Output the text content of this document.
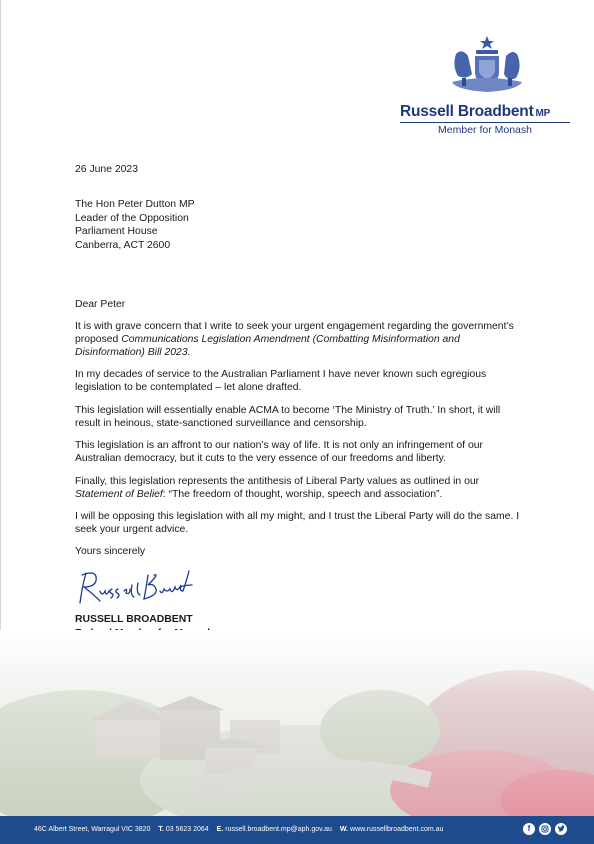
Russell Broadbent MP
Member for Monash
26 June 2023
The Hon Peter Dutton MP
Leader of the Opposition
Parliament House
Canberra, ACT 2600
Dear Peter
It is with grave concern that I write to seek your urgent engagement regarding the government’s proposed Communications Legislation Amendment (Combatting Misinformation and Disinformation) Bill 2023.
In my decades of service to the Australian Parliament I have never known such egregious legislation to be contemplated – let alone drafted.
This legislation will essentially enable ACMA to become ‘The Ministry of Truth.’ In short, it will result in heinous, state-sanctioned surveillance and censorship.
This legislation is an affront to our nation’s way of life. It is not only an infringement of our Australian democracy, but it cuts to the very essence of our freedoms and liberty.
Finally, this legislation represents the antithesis of Liberal Party values as outlined in our Statement of Belief: “The freedom of thought, worship, speech and association”.
I will be opposing this legislation with all my might, and I trust the Liberal Party will do the same. I seek your urgent advice.
Yours sincerely
RUSSELL BROADBENT
46C Albert Street, Warragul VIC 3820 T. 03 5623 2064 E. russell.broadbent.mp@aph.gov.au W. www.russellbroadbent.com.au	f
